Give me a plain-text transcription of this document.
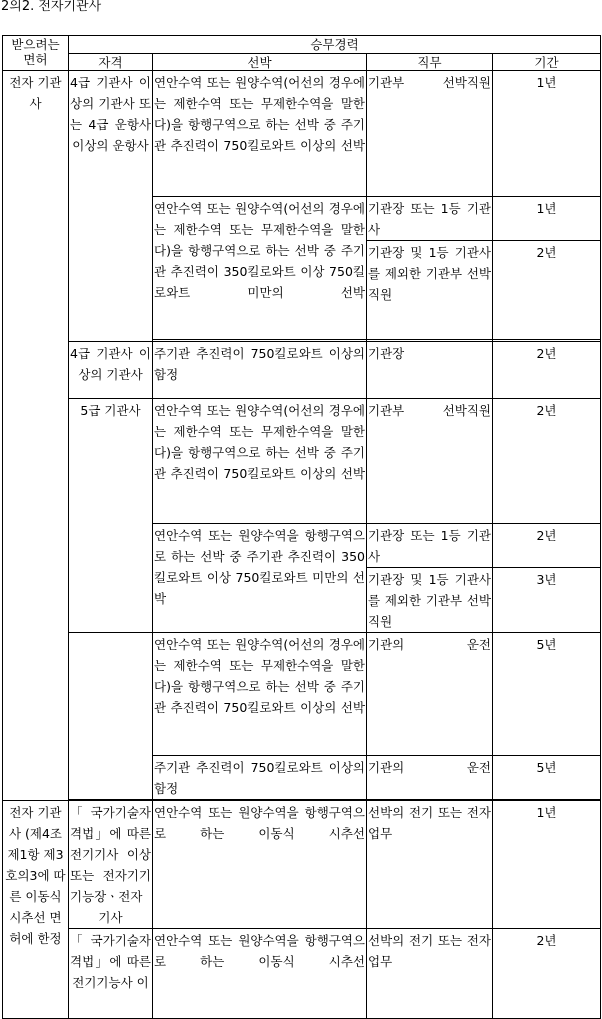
2의2. 전자기관사
받으려는 면허	승무경력			
	자격	선박	직무	기간
전자 기관사	4급 기관사 이상의 기관사 또는 4급 운항사 이상의 운항사	연안수역 또는 원양수역(어선의 경우에는 제한수역 또는 무제한수역을 말한다)을 항행구역으로 하는 선박 중 주기관 추진력이 750킬로와트 이상의 선박	기관부 선박직원	1년
		연안수역 또는 원양수역(어선의 경우에는 제한수역 또는 무제한수역을 말한다)을 항행구역으로 하는 선박 중 주기관 추진력이 350킬로와트 이상 750킬로와트 미만의 선박	기관장 또는 1등 기관사	1년
			기관장 및 1등 기관사를 제외한 기관부 선박직원	2년

	4급 기관사 이상의 기관사	주기관 추진력이 750킬로와트 이상의 함정	기관장	2년
	5급 기관사	연안수역 또는 원양수역(어선의 경우에는 제한수역 또는 무제한수역을 말한다)을 항행구역으로 하는 선박 중 주기관 추진력이 750킬로와트 이상의 선박	기관부 선박직원	2년
		연안수역 또는 원양수역을 항행구역으로 하는 선박 중 주기관 추진력이 350킬로와트 이상 750킬로와트 미만의 선박	기관장 또는 1등 기관사	2년
			기관장 및 1등 기관사를 제외한 기관부 선박직원	3년
		연안수역 또는 원양수역(어선의 경우에는 제한수역 또는 무제한수역을 말한다)을 항행구역으로 하는 선박 중 주기관 추진력이 750킬로와트 이상의 선박	기관의 운전	5년
		주기관 추진력이 750킬로와트 이상의 함정	기관의 운전	5년

전자 기관사 (제4조 제1항 제3호의3에 따른 이동식 시추선 면허에 한정	「국가기술자격법」에 따른 전기기사 이상 또는 전자기기 기능장ㆍ전자기사	연안수역 또는 원양수역을 항행구역으로 하는 이동식 시추선	선박의 전기 또는 전자 업무	1년
	「국가기술자격법」에 따른 전기기능사 이	연안수역 또는 원양수역을 항행구역으로 하는 이동식 시추선	선박의 전기 또는 전자 업무	2년
